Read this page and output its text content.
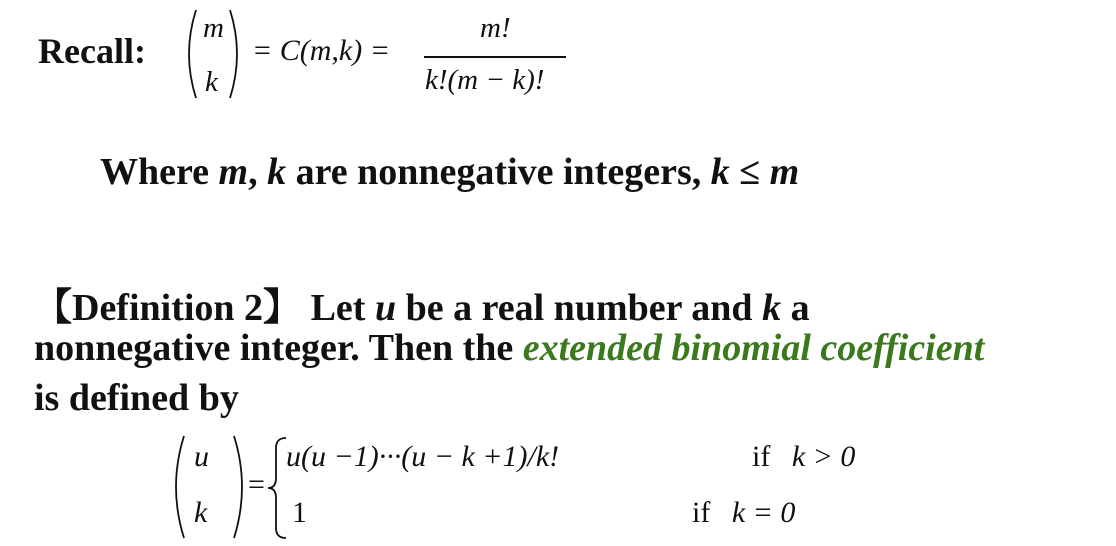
Recall:
m
k
= C(m,k) =
m!
k!(m − k)!
Where m, k are nonnegative integers, k ≤ m
【Definition 2】 Let u be a real number and k a
nonnegative integer. Then the extended binomial coefficient
is defined by
u
k
=
u(u −1)···(u − k +1)/k!	if k > 0
1	if k = 0
